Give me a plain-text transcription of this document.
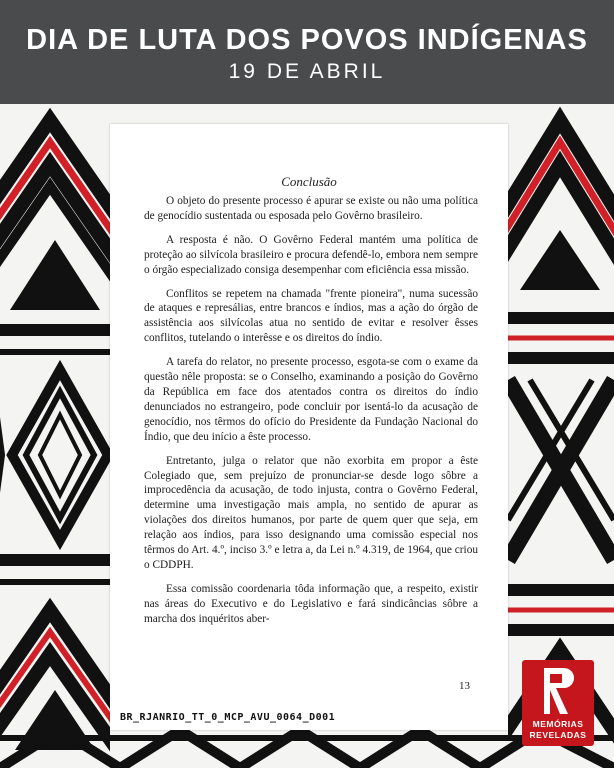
DIA DE LUTA DOS POVOS INDÍGENAS
19 DE ABRIL
Conclusão

O objeto do presente processo é apurar se existe ou não uma política de genocídio sustentada ou esposada pelo Govêrno brasileiro.

A resposta é não. O Govêrno Federal mantém uma política de proteção ao silvícola brasileiro e procura defendê-lo, embora nem sempre o órgão especializado consiga desempenhar com eficiência essa missão.

Conflitos se repetem na chamada "frente pioneira", numa sucessão de ataques e represálias, entre brancos e índios, mas a ação do órgão de assistência aos silvícolas atua no sentido de evitar e resolver êsses conflitos, tutelando o interêsse e os direitos do índio.

A tarefa do relator, no presente processo, esgota-se com o exame da questão nêle proposta: se o Conselho, examinando a posição do Govêrno da República em face dos atentados contra os direitos do índio denunciados no estrangeiro, pode concluir por isentá-lo da acusação de genocídio, nos têrmos do ofício do Presidente da Fundação Nacional do Índio, que deu início a êste processo.

Entretanto, julga o relator que não exorbita em propor a êste Colegiado que, sem prejuízo de pronunciar-se desde logo sôbre a improcedência da acusação, de todo injusta, contra o Govêrno Federal, determine uma investigação mais ampla, no sentido de apurar as violações dos direitos humanos, por parte de quem quer que seja, em relação aos índios, para isso designando uma comissão especial nos têrmos do Art. 4.º, inciso 3.º e letra a, da Lei n.º 4.319, de 1964, que criou o CDDPH.

Essa comissão coordenaria tôda informação que, a respeito, existir nas áreas do Executivo e do Legislativo e fará sindicâncias sôbre a marcha dos inquéritos aber-

13
BR_RJANRIO_TT_0_MCP_AVU_0064_D001
MEMÓRIAS
REVELADAS
